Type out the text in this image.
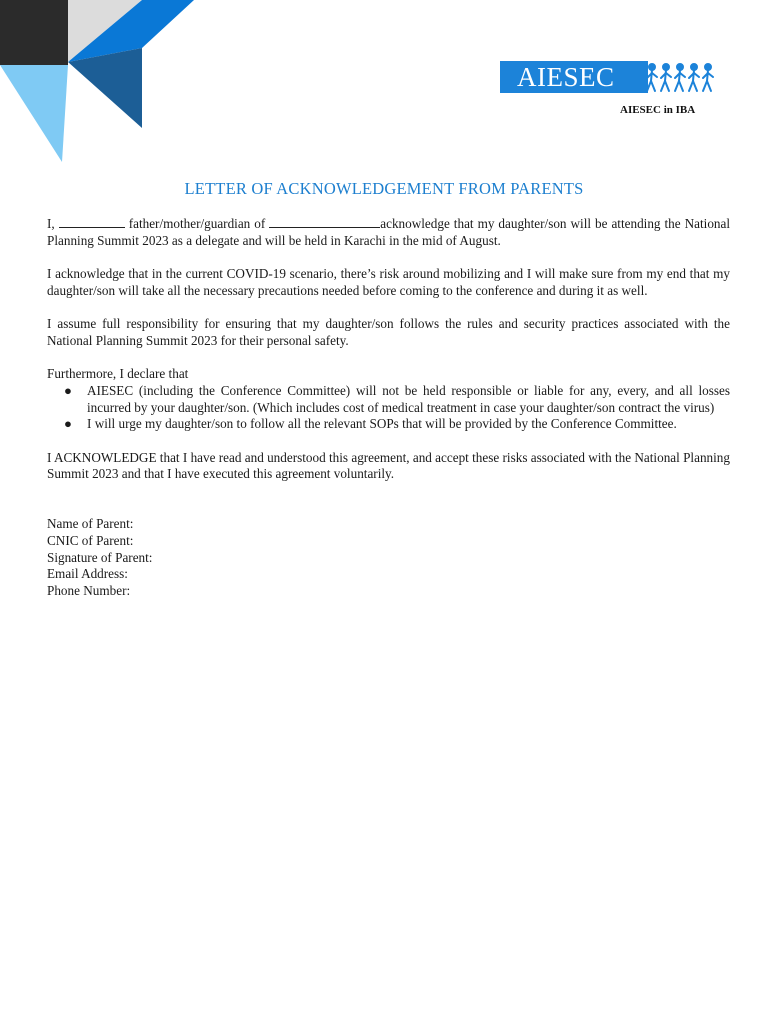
AIESEC
AIESEC in IBA
LETTER OF ACKNOWLEDGEMENT FROM PARENTS

I,	father/mother/guardian of	acknowledge that my daughter/son will be attending the National Planning Summit 2023 as a delegate and will be held in Karachi in the mid of August.

I acknowledge that in the current COVID-19 scenario, there’s risk around mobilizing and I will make sure from my end that my daughter/son will take all the necessary precautions needed before coming to the conference and during it as well.

I assume full responsibility for ensuring that my daughter/son follows the rules and security practices associated with the National Planning Summit 2023 for their personal safety.

Furthermore, I declare that

● AIESEC (including the Conference Committee) will not be held responsible or liable for any, every, and all losses incurred by your daughter/son. (Which includes cost of medical treatment in case your daughter/son contract the virus)
● I will urge my daughter/son to follow all the relevant SOPs that will be provided by the Conference Committee.

I ACKNOWLEDGE that I have read and understood this agreement, and accept these risks associated with the National Planning Summit 2023 and that I have executed this agreement voluntarily.

Name of Parent:
CNIC of Parent:
Signature of Parent:
Email Address:
Phone Number:
